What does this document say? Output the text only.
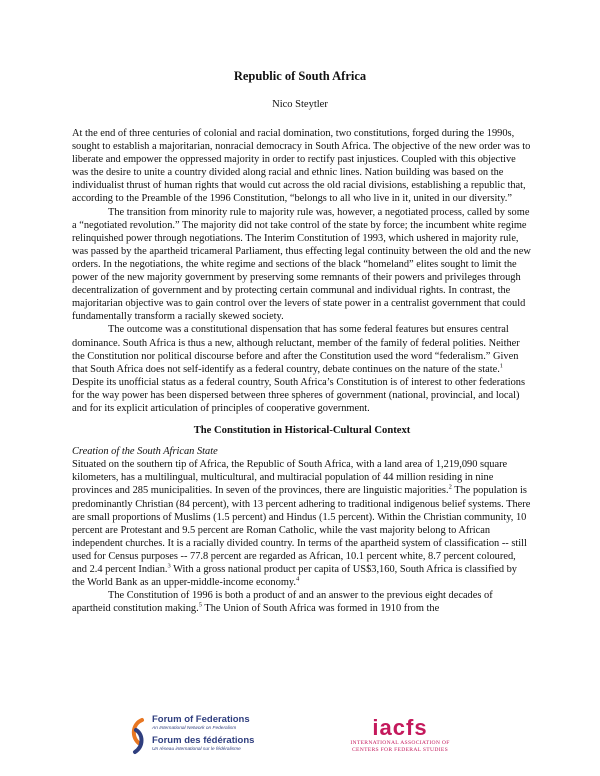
Republic of South Africa
Nico Steytler

At the end of three centuries of colonial and racial domination, two constitutions, forged during the 1990s, sought to establish a majoritarian, nonracial democracy in South Africa. The objective of the new order was to liberate and empower the oppressed majority in order to rectify past injustices. Coupled with this objective was the desire to unite a country divided along racial and ethnic lines. Nation building was based on the individualist thrust of human rights that would cut across the old racial divisions, establishing a republic that, according to the Preamble of the 1996 Constitution, “belongs to all who live in it, united in our diversity.”

The transition from minority rule to majority rule was, however, a negotiated process, called by some a “negotiated revolution.” The majority did not take control of the state by force; the incumbent white regime relinquished power through negotiations. The Interim Constitution of 1993, which ushered in majority rule, was passed by the apartheid tricameral Parliament, thus effecting legal continuity between the old and the new orders. In the negotiations, the white regime and sections of the black “homeland” elites sought to limit the power of the new majority government by preserving some remnants of their powers and privileges through decentralization of government and by protecting certain communal and individual rights. In contrast, the majoritarian objective was to gain control over the levers of state power in a centralist government that could fundamentally transform a racially skewed society.

The outcome was a constitutional dispensation that has some federal features but ensures central dominance. South Africa is thus a new, although reluctant, member of the family of federal polities. Neither the Constitution nor political discourse before and after the Constitution used the word “federalism.” Given that South Africa does not self-identify as a federal country, debate continues on the nature of the state.$^1$ Despite its unofficial status as a federal country, South Africa’s Constitution is of interest to other federations for the way power has been dispersed between three spheres of government (national, provincial, and local) and for its explicit articulation of principles of cooperative government.

The Constitution in Historical-Cultural Context

Creation of the South African State

Situated on the southern tip of Africa, the Republic of South Africa, with a land area of 1,219,090 square kilometers, has a multilingual, multicultural, and multiracial population of 44 million residing in nine provinces and 285 municipalities. In seven of the provinces, there are linguistic majorities.$^2$ The population is predominantly Christian (84 percent), with 13 percent adhering to traditional indigenous belief systems. There are small proportions of Muslims (1.5 percent) and Hindus (1.5 percent). Within the Christian community, 10 percent are Protestant and 9.5 percent are Roman Catholic, while the vast majority belong to African independent churches. It is a racially divided country. In terms of the apartheid system of classification -- still used for Census purposes -- 77.8 percent are regarded as African, 10.1 percent white, 8.7 percent coloured, and 2.4 percent Indian.$^3$ With a gross national product per capita of US$3,160, South Africa is classified by the World Bank as an upper-middle-income economy.$^4$

The Constitution of 1996 is both a product of and an answer to the previous eight decades of apartheid constitution making.$^5$ The Union of South Africa was formed in 1910 from the

Forum of Federations
An International Network on Federalism
Forum des fédérations
Un réseau international sur le fédéralisme
iacfs
INTERNATIONAL ASSOCIATION OF
CENTERS FOR FEDERAL STUDIES
